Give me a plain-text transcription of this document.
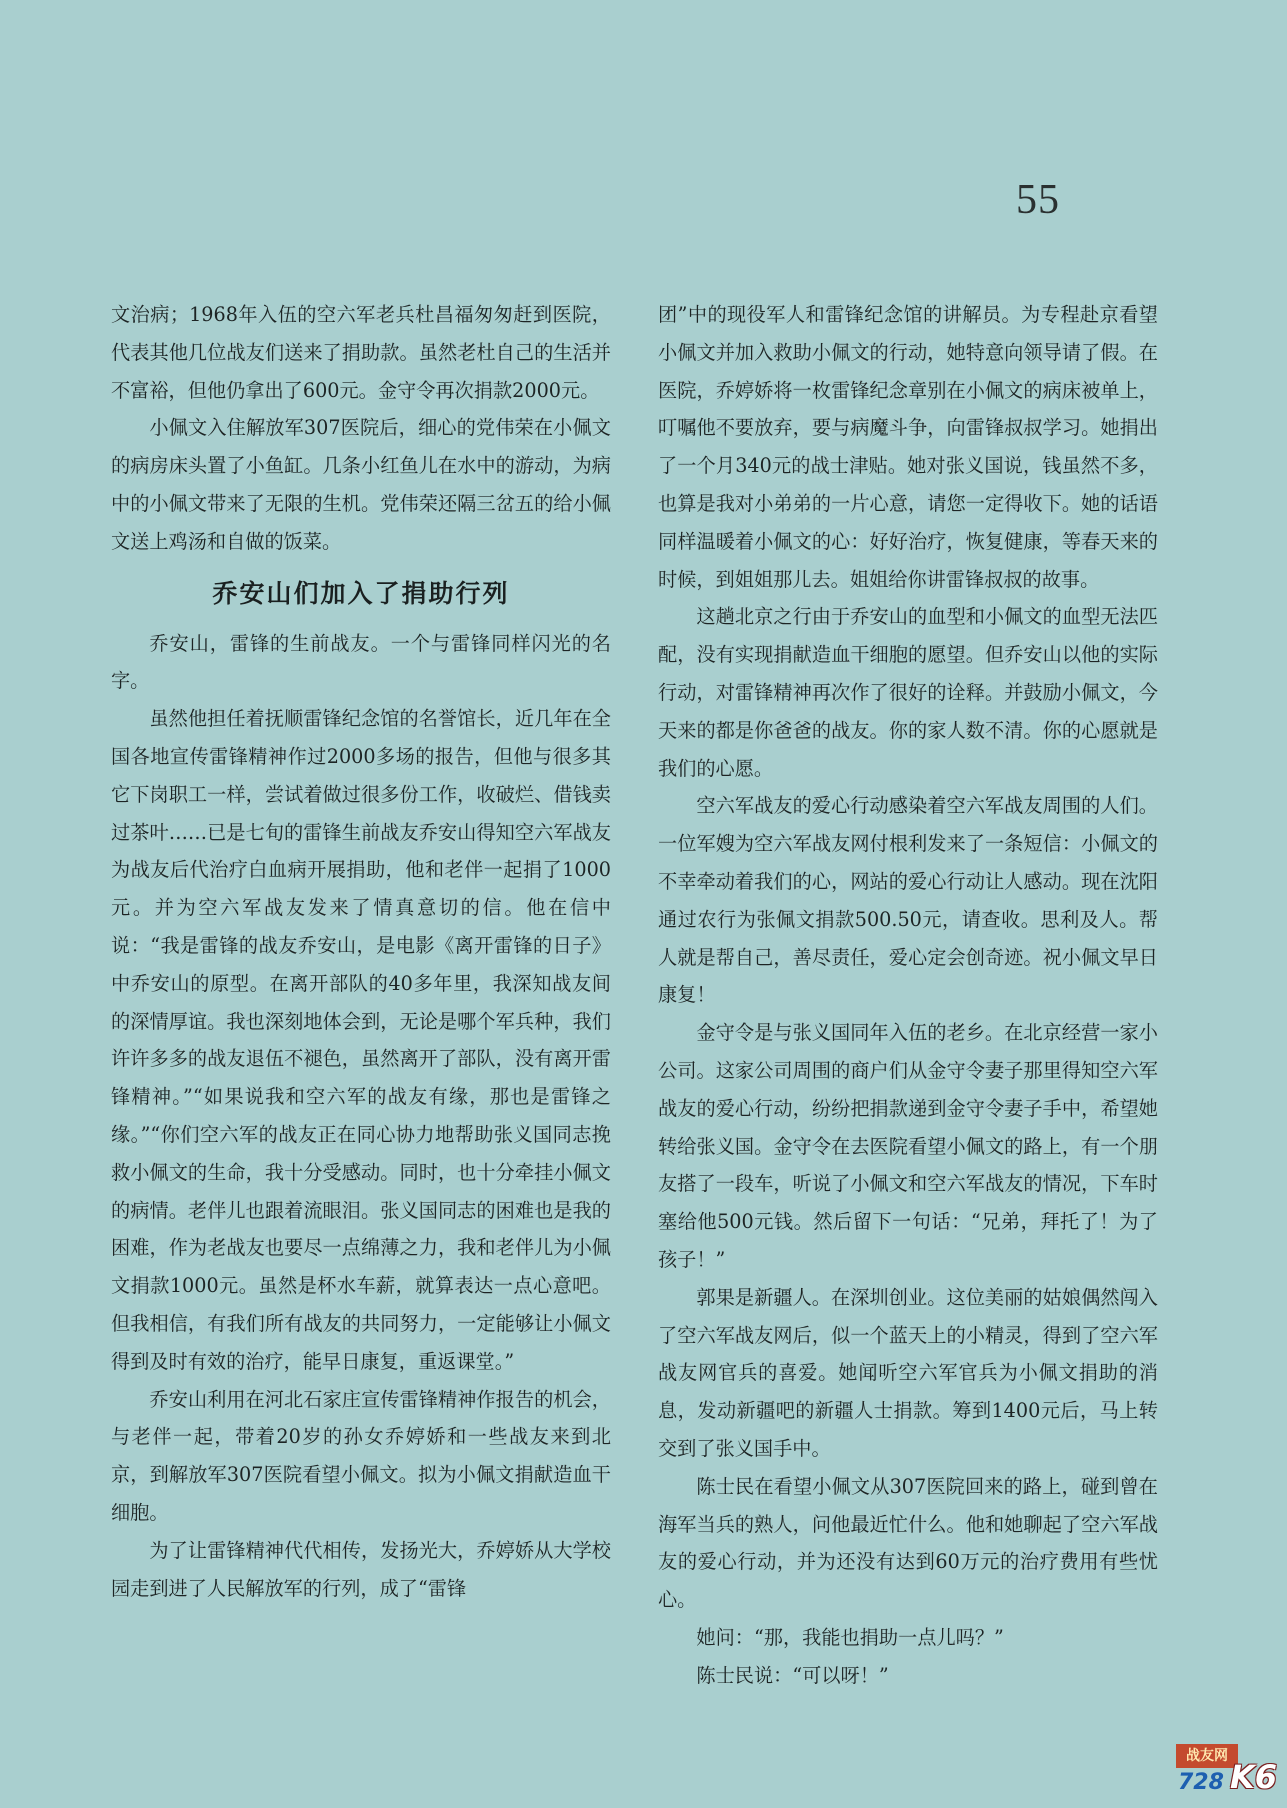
55

文治病；1968年入伍的空六军老兵杜昌福匆匆赶到医院，代表其他几位战友们送来了捐助款。虽然老杜自己的生活并不富裕，但他仍拿出了600元。金守令再次捐款2000元。

小佩文入住解放军307医院后，细心的党伟荣在小佩文的病房床头置了小鱼缸。几条小红鱼儿在水中的游动，为病中的小佩文带来了无限的生机。党伟荣还隔三岔五的给小佩文送上鸡汤和自做的饭菜。

乔安山们加入了捐助行列

乔安山，雷锋的生前战友。一个与雷锋同样闪光的名字。

虽然他担任着抚顺雷锋纪念馆的名誉馆长，近几年在全国各地宣传雷锋精神作过2000多场的报告，但他与很多其它下岗职工一样，尝试着做过很多份工作，收破烂、借钱卖过茶叶……已是七旬的雷锋生前战友乔安山得知空六军战友为战友后代治疗白血病开展捐助，他和老伴一起捐了1000元。并为空六军战友发来了情真意切的信。他在信中说：“我是雷锋的战友乔安山，是电影《离开雷锋的日子》中乔安山的原型。在离开部队的40多年里，我深知战友间的深情厚谊。我也深刻地体会到，无论是哪个军兵种，我们许许多多的战友退伍不褪色，虽然离开了部队，没有离开雷锋精神。”“如果说我和空六军的战友有缘，那也是雷锋之缘。”“你们空六军的战友正在同心协力地帮助张义国同志挽救小佩文的生命，我十分受感动。同时，也十分牵挂小佩文的病情。老伴儿也跟着流眼泪。张义国同志的困难也是我的困难，作为老战友也要尽一点绵薄之力，我和老伴儿为小佩文捐款1000元。虽然是杯水车薪，就算表达一点心意吧。但我相信，有我们所有战友的共同努力，一定能够让小佩文得到及时有效的治疗，能早日康复，重返课堂。”

乔安山利用在河北石家庄宣传雷锋精神作报告的机会，与老伴一起，带着20岁的孙女乔婷娇和一些战友来到北京，到解放军307医院看望小佩文。拟为小佩文捐献造血干细胞。

为了让雷锋精神代代相传，发扬光大，乔婷娇从大学校园走到进了人民解放军的行列，成了“雷锋

团”中的现役军人和雷锋纪念馆的讲解员。为专程赴京看望小佩文并加入救助小佩文的行动，她特意向领导请了假。在医院，乔婷娇将一枚雷锋纪念章别在小佩文的病床被单上，叮嘱他不要放弃，要与病魔斗争，向雷锋叔叔学习。她捐出了一个月340元的战士津贴。她对张义国说，钱虽然不多，也算是我对小弟弟的一片心意，请您一定得收下。她的话语同样温暖着小佩文的心：好好治疗，恢复健康，等春天来的时候，到姐姐那儿去。姐姐给你讲雷锋叔叔的故事。

这趟北京之行由于乔安山的血型和小佩文的血型无法匹配，没有实现捐献造血干细胞的愿望。但乔安山以他的实际行动，对雷锋精神再次作了很好的诠释。并鼓励小佩文，今天来的都是你爸爸的战友。你的家人数不清。你的心愿就是我们的心愿。

空六军战友的爱心行动感染着空六军战友周围的人们。一位军嫂为空六军战友网付根利发来了一条短信：小佩文的不幸牵动着我们的心，网站的爱心行动让人感动。现在沈阳通过农行为张佩文捐款500.50元，请查收。思利及人。帮人就是帮自己，善尽责任，爱心定会创奇迹。祝小佩文早日康复！

金守令是与张义国同年入伍的老乡。在北京经营一家小公司。这家公司周围的商户们从金守令妻子那里得知空六军战友的爱心行动，纷纷把捐款递到金守令妻子手中，希望她转给张义国。金守令在去医院看望小佩文的路上，有一个朋友搭了一段车，听说了小佩文和空六军战友的情况，下车时塞给他500元钱。然后留下一句话：“兄弟，拜托了！为了孩子！”

郭果是新疆人。在深圳创业。这位美丽的姑娘偶然闯入了空六军战友网后，似一个蓝天上的小精灵，得到了空六军战友网官兵的喜爱。她闻听空六军官兵为小佩文捐助的消息，发动新疆吧的新疆人士捐款。筹到1400元后，马上转交到了张义国手中。

陈士民在看望小佩文从307医院回来的路上，碰到曾在海军当兵的熟人，问他最近忙什么。他和她聊起了空六军战友的爱心行动，并为还没有达到60万元的治疗费用有些忧心。

她问：“那，我能也捐助一点儿吗？”

陈士民说：“可以呀！”

战友网
728 K6
